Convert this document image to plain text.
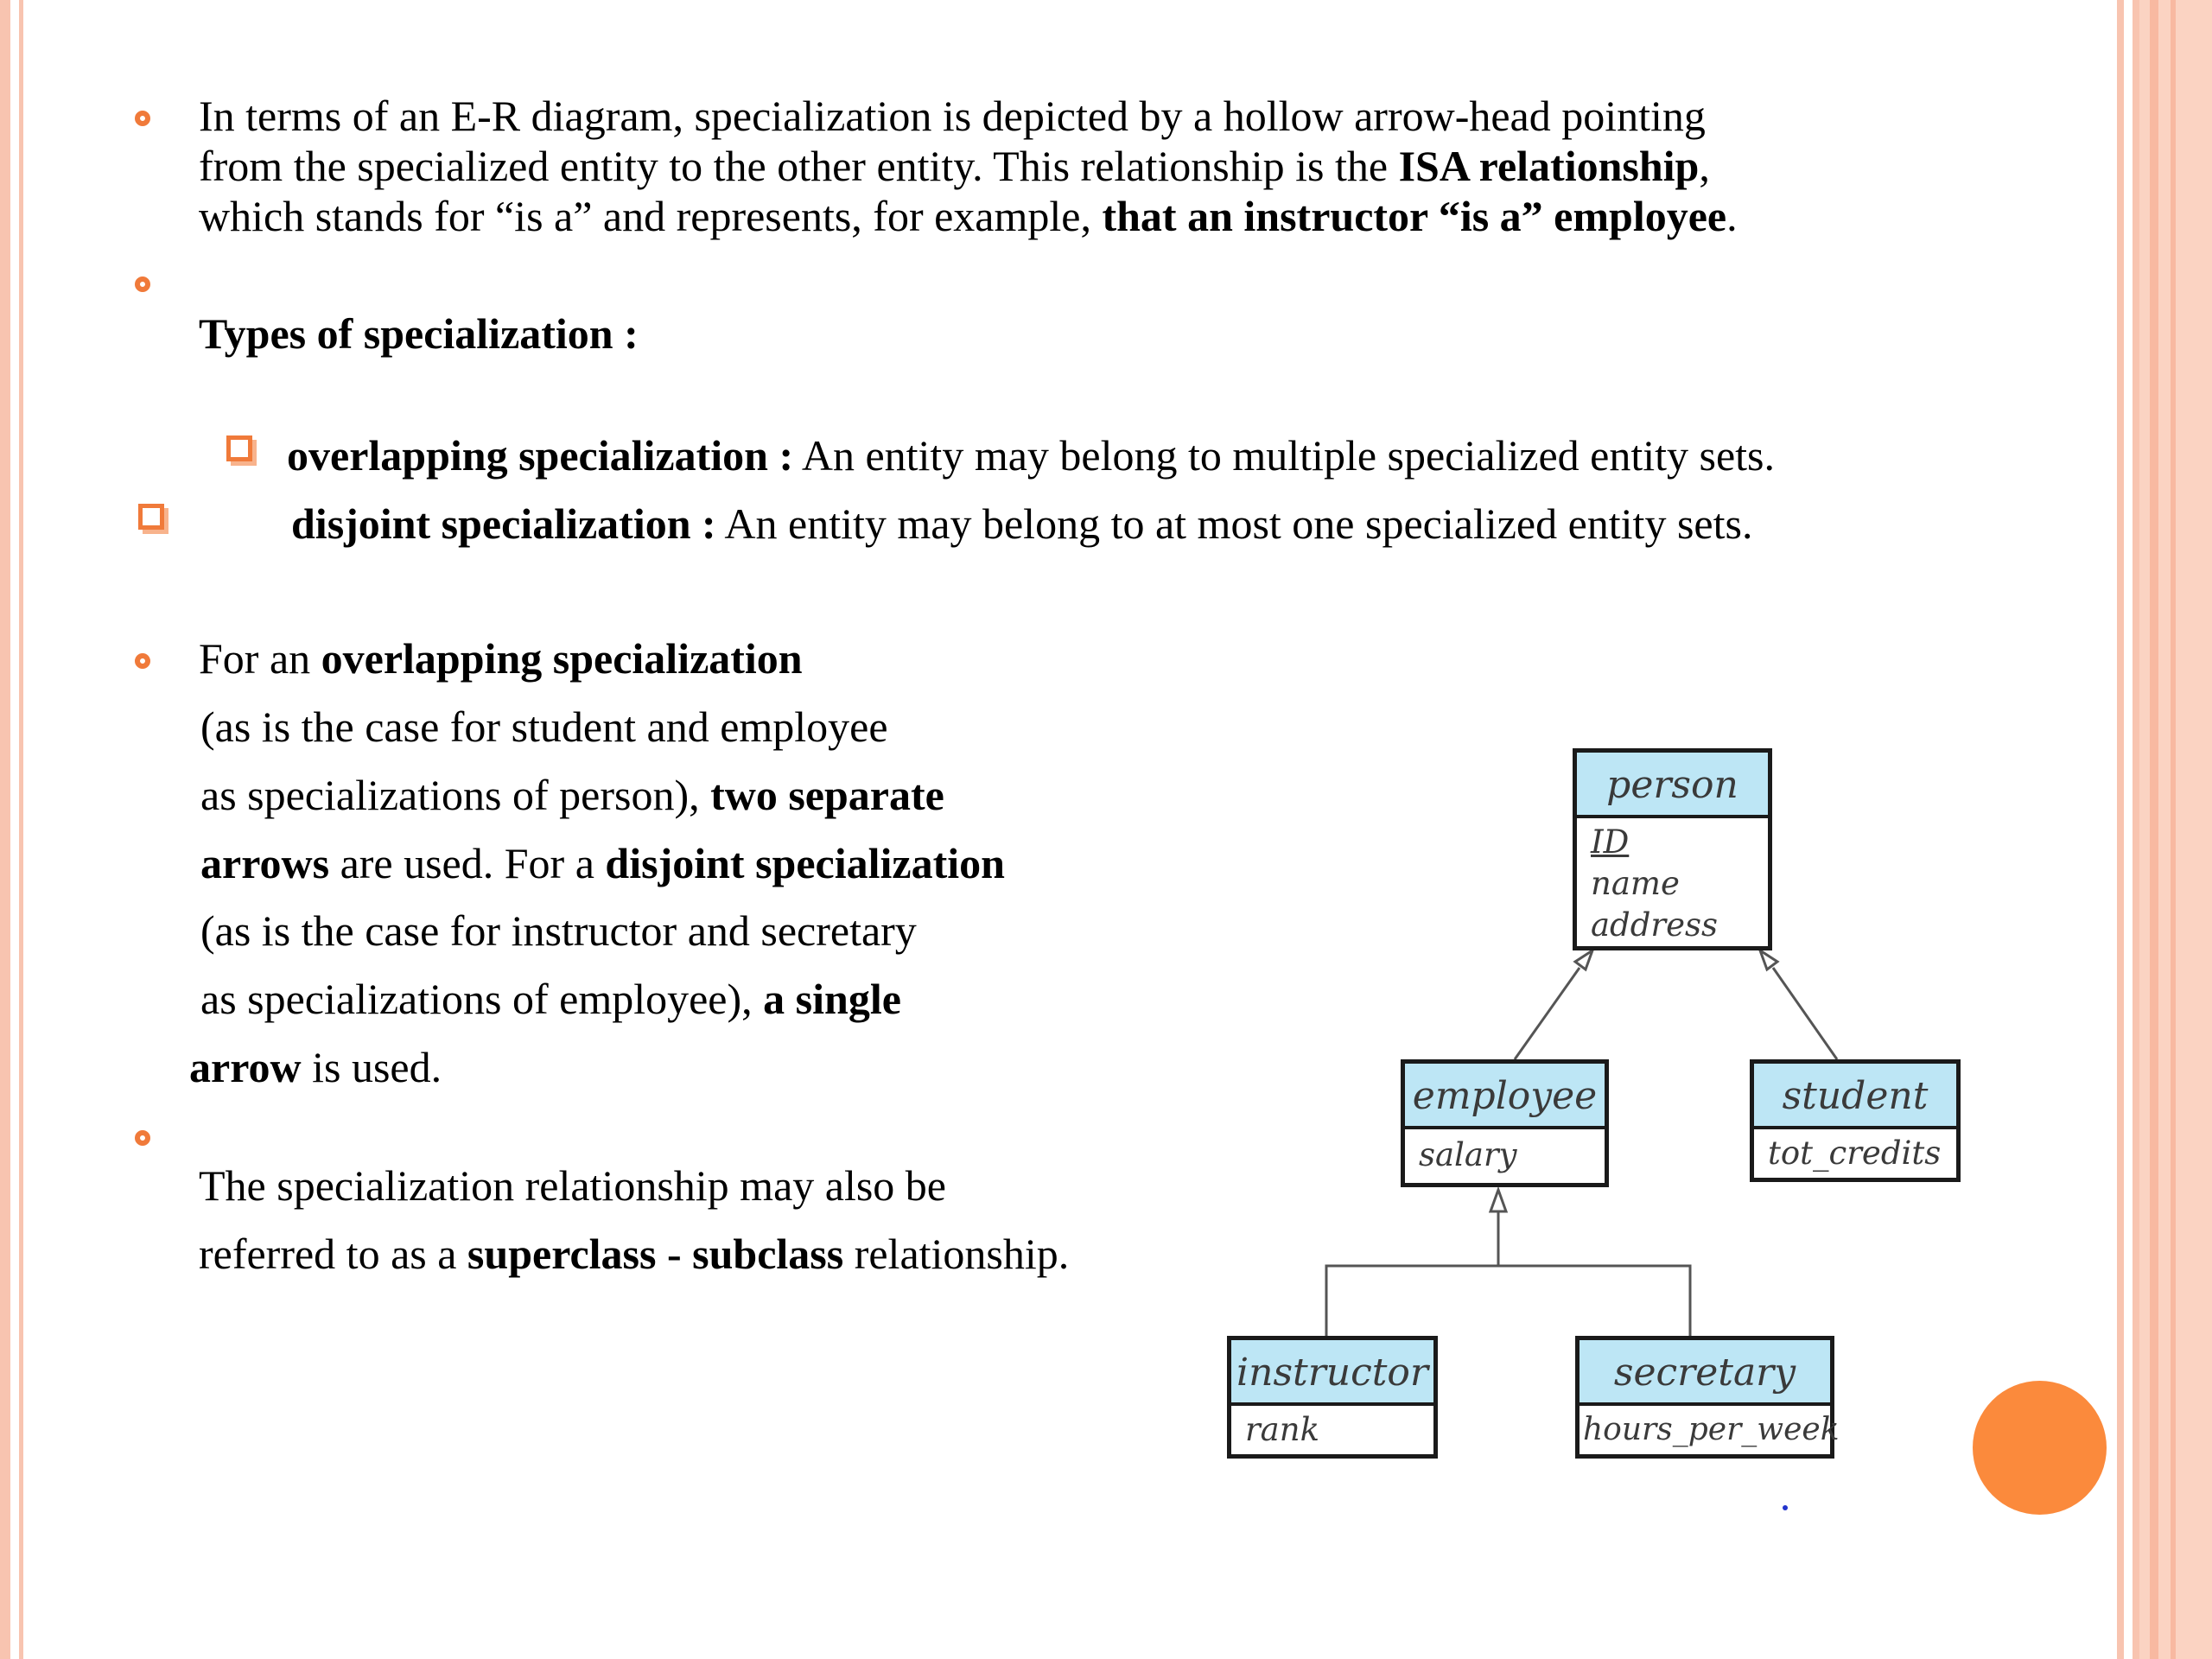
In terms of an E-R diagram, specialization is depicted by a hollow arrow-head pointing
from the specialized entity to the other entity. This relationship is the ISA relationship,
which stands for “is a” and represents, for example, that an instructor “is a” employee.
Types of specialization :
overlapping specialization : An entity may belong to multiple specialized entity sets.
disjoint specialization : An entity may belong to at most one specialized entity sets.
For an overlapping specialization
(as is the case for student and employee
as specializations of person), two separate
arrows are used. For a disjoint specialization
(as is the case for instructor and secretary
as specializations of employee), a single
arrow is used.
The specialization relationship may also be
referred to as a superclass - subclass relationship.
person
ID
name
address
employee
salary
student
tot_credits
instructor
rank
secretary
hours_per_week
